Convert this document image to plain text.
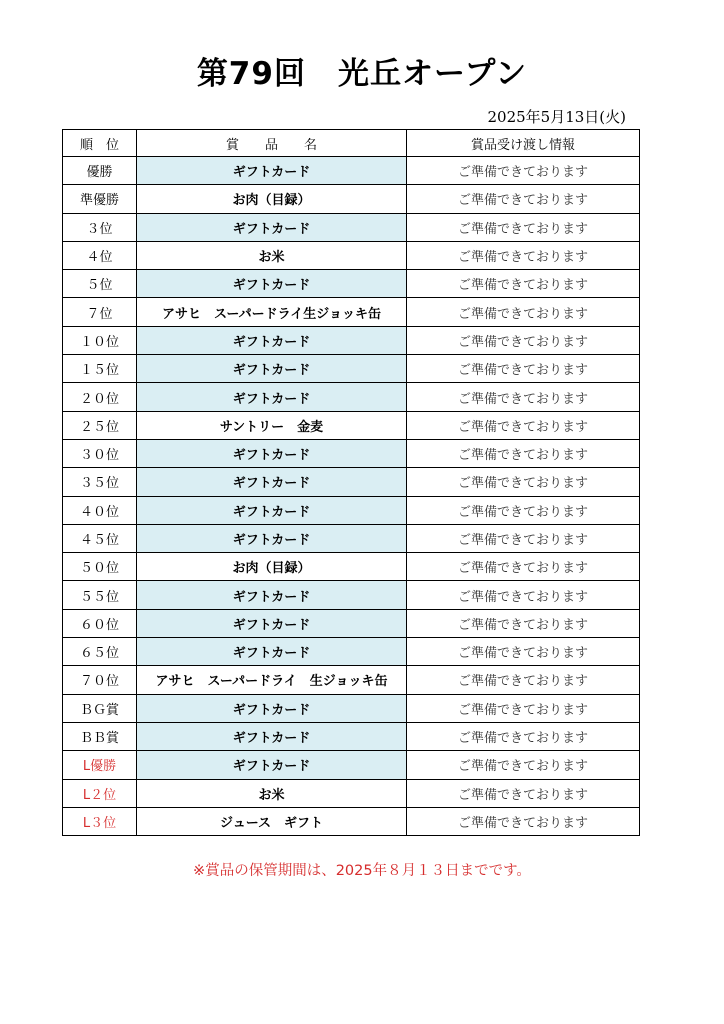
第79回　光丘オープン
2025年5月13日(火)
順　位	賞　　品　　名	賞品受け渡し情報
優勝	ギフトカード	ご準備できております
準優勝	お肉（目録）	ご準備できております
３位	ギフトカード	ご準備できております
４位	お米	ご準備できております
５位	ギフトカード	ご準備できております
７位	アサヒ　スーパードライ生ジョッキ缶	ご準備できております
１０位	ギフトカード	ご準備できております
１５位	ギフトカード	ご準備できております
２０位	ギフトカード	ご準備できております
２５位	サントリー　金麦	ご準備できております
３０位	ギフトカード	ご準備できております
３５位	ギフトカード	ご準備できております
４０位	ギフトカード	ご準備できております
４５位	ギフトカード	ご準備できております
５０位	お肉（目録）	ご準備できております
５５位	ギフトカード	ご準備できております
６０位	ギフトカード	ご準備できております
６５位	ギフトカード	ご準備できております
７０位	アサヒ　スーパードライ　生ジョッキ缶	ご準備できております
ＢＧ賞	ギフトカード	ご準備できております
ＢＢ賞	ギフトカード	ご準備できております
L優勝	ギフトカード	ご準備できております
L２位	お米	ご準備できております
L３位	ジュース　ギフト	ご準備できております
※賞品の保管期間は、2025年８月１３日までです。
